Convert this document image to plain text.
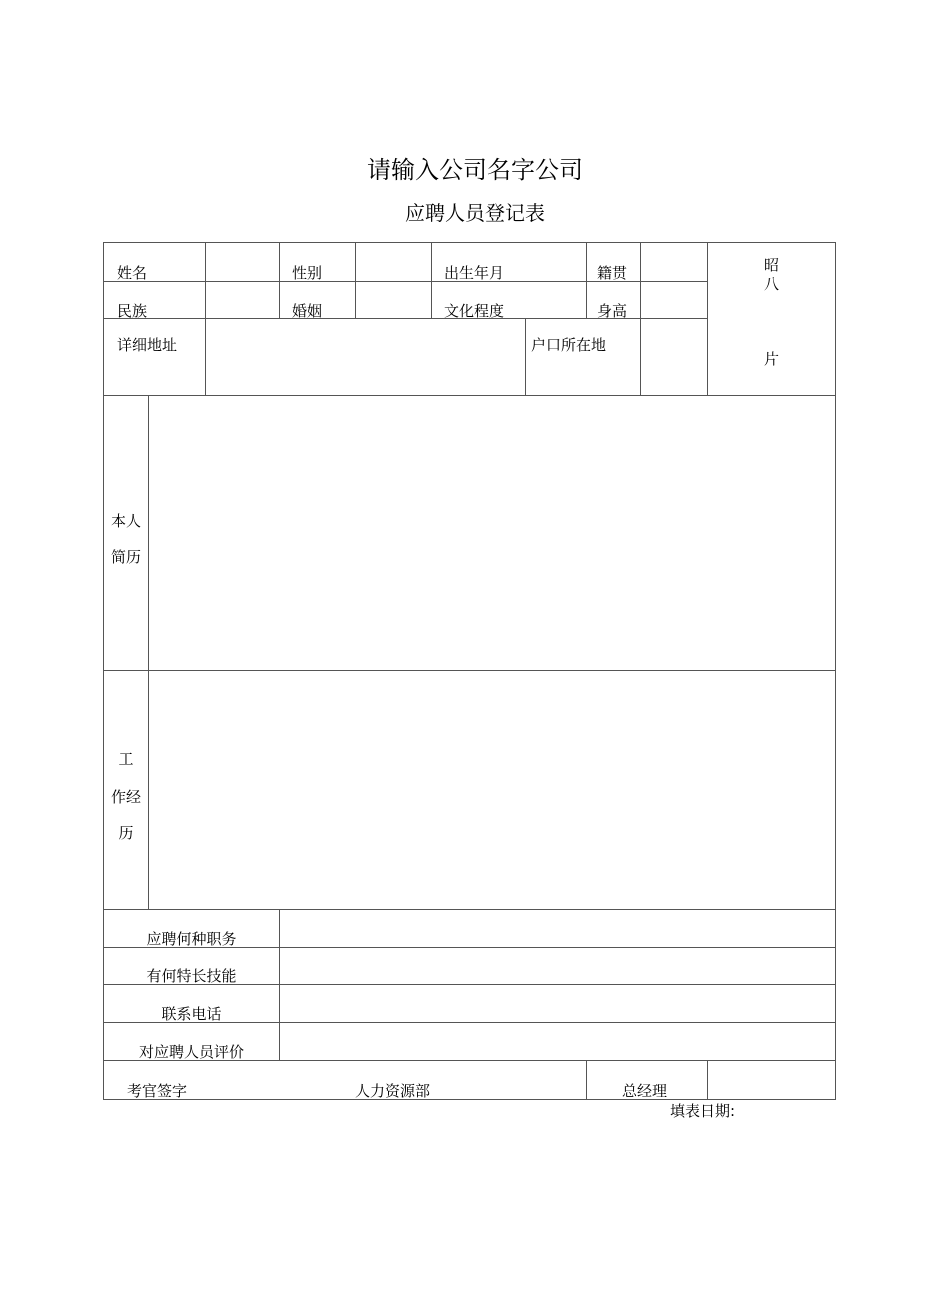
请输入公司名字公司
应聘人员登记表
姓名	性别	出生年月	籍贯
民族	婚姻	文化程度	身高
详细地址	户口所在地
昭
八
片
本人
简历
工
作经
历
应聘何种职务
有何特长技能
联系电话
对应聘人员评价
考官签字	人力资源部	总经理
填表日期:
